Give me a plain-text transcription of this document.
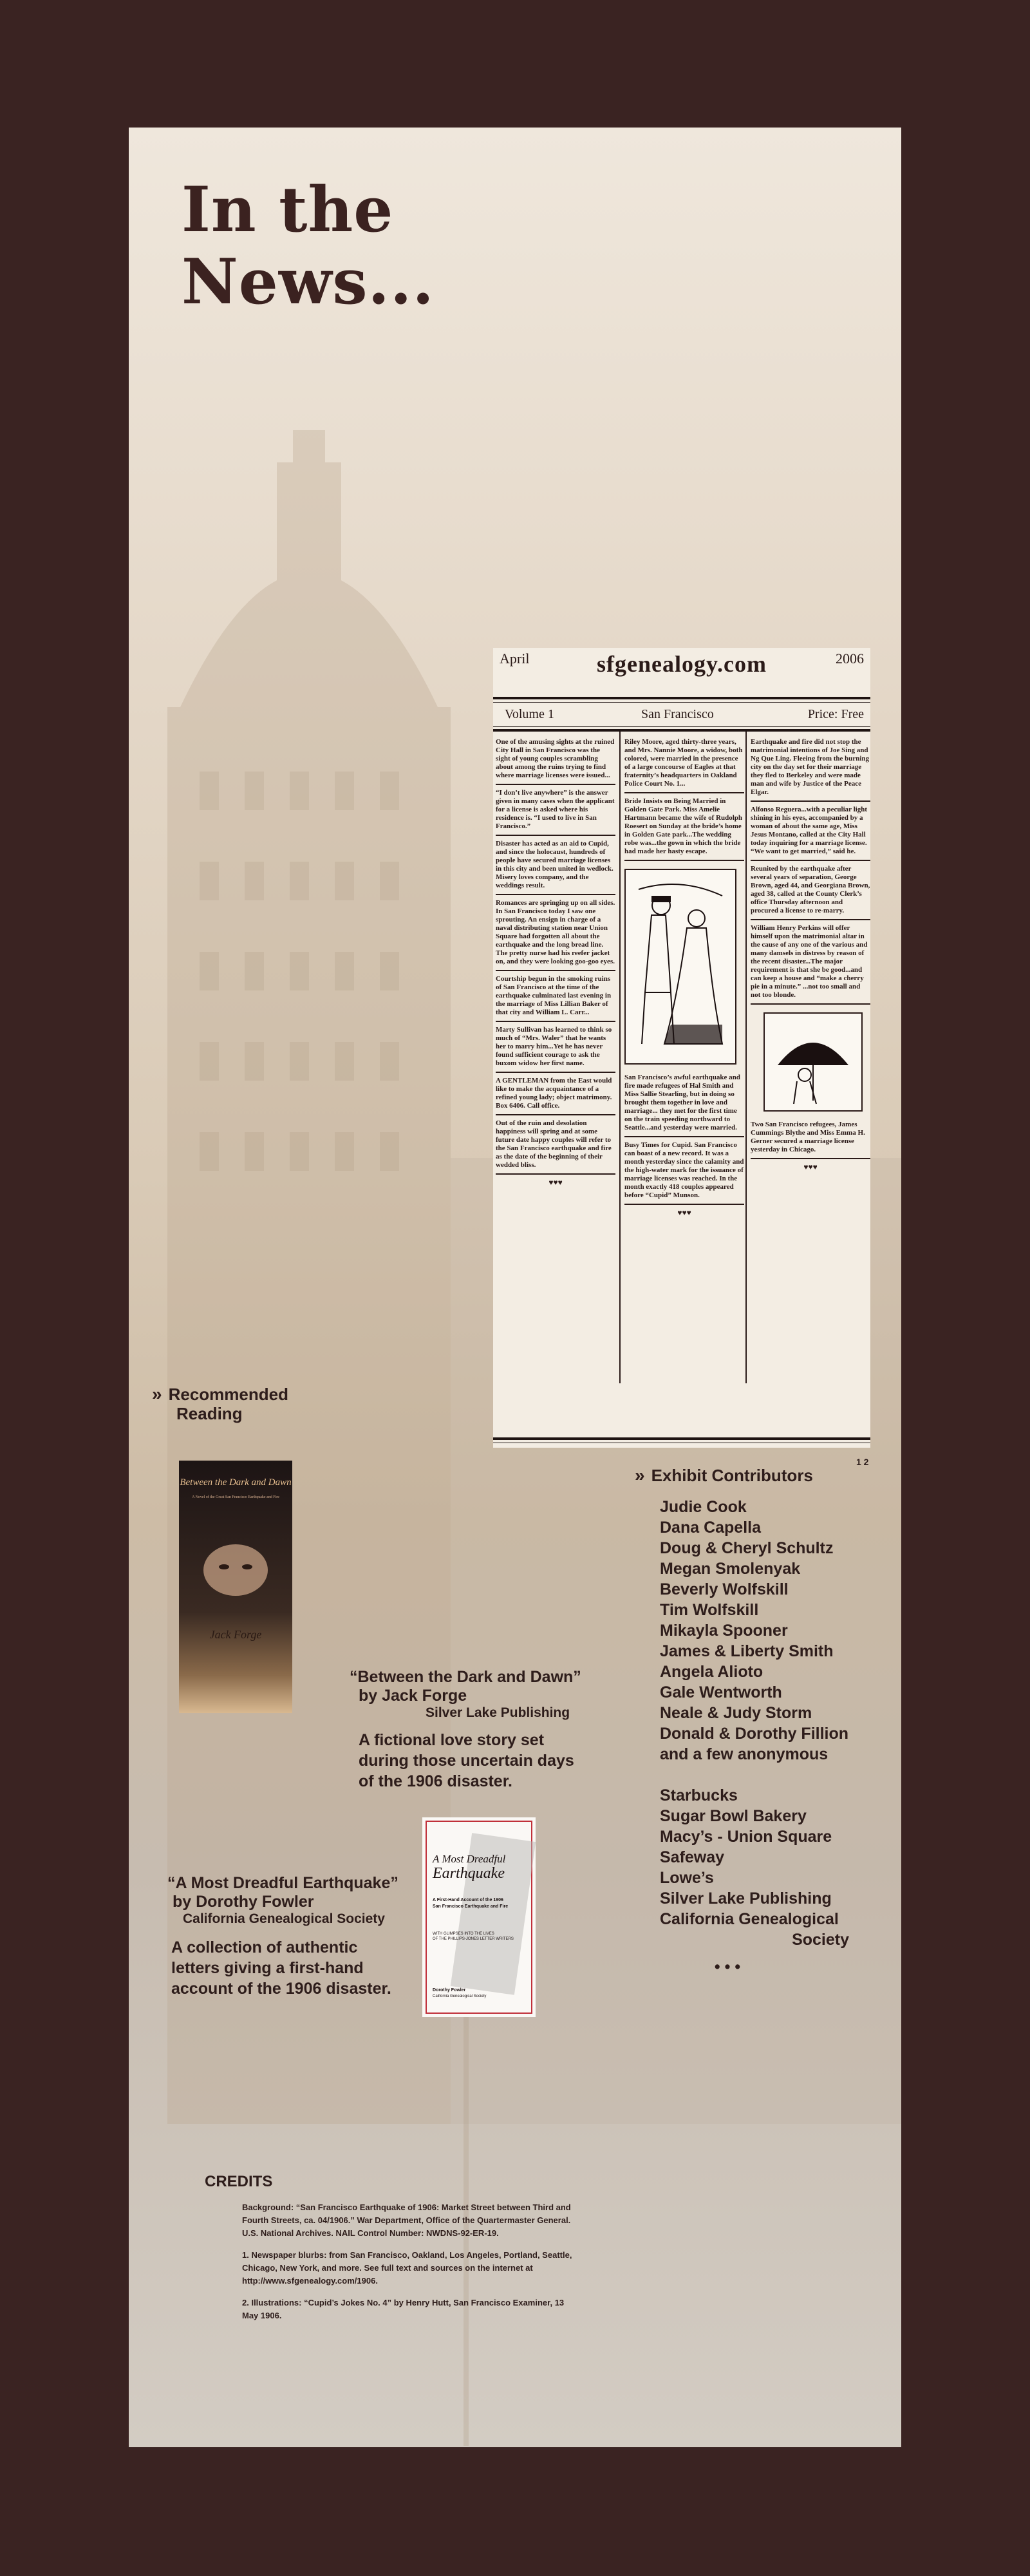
In the
News...
April	sfgenealogy.com	2006
Volume 1	San Francisco	Price: Free

One of the amusing sights at the ruined City Hall in San Francisco was the sight of young couples scrambling about among the ruins trying to find where marriage licenses were issued...

“I don’t live anywhere” is the answer given in many cases when the applicant for a license is asked where his residence is. “I used to live in San Francisco.”

Disaster has acted as an aid to Cupid, and since the holocaust, hundreds of people have secured marriage licenses in this city and been united in wedlock. Misery loves company, and the weddings result.

Romances are springing up on all sides. In San Francisco today I saw one sprouting. An ensign in charge of a naval distributing station near Union Square had forgotten all about the earthquake and the long bread line. The pretty nurse had his reefer jacket on, and they were looking goo-goo eyes.

Courtship begun in the smoking ruins of San Francisco at the time of the earthquake culminated last evening in the marriage of Miss Lillian Baker of that city and William L. Carr...

Marty Sullivan has learned to think so much of “Mrs. Waler” that he wants her to marry him...Yet he has never found sufficient courage to ask the buxom widow her first name.

A GENTLEMAN from the East would like to make the acquaintance of a refined young lady; object matrimony. Box 6406. Call office.

Out of the ruin and desolation happiness will spring and at some future date happy couples will refer to the San Francisco earthquake and fire as the date of the beginning of their wedded bliss.

♥♥♥

Riley Moore, aged thirty-three years, and Mrs. Nannie Moore, a widow, both colored, were married in the presence of a large concourse of Eagles at that fraternity’s headquarters in Oakland Police Court No. 1...

Bride Insists on Being Married in Golden Gate Park. Miss Amelie Hartmann became the wife of Rudolph Roesert on Sunday at the bride’s home in Golden Gate park...The wedding robe was...the gown in which the bride had made her hasty escape.

San Francisco’s awful earthquake and fire made refugees of Hal Smith and Miss Sallie Stearling, but in doing so brought them together in love and marriage... they met for the first time on the train speeding northward to Seattle...and yesterday were married.

Busy Times for Cupid. San Francisco can boast of a new record. It was a month yesterday since the calamity and the high-water mark for the issuance of marriage licenses was reached. In the month exactly 418 couples appeared before “Cupid” Munson.

♥♥♥

Earthquake and fire did not stop the matrimonial intentions of Joe Sing and Ng Que Ling. Fleeing from the burning city on the day set for their marriage they fled to Berkeley and were made man and wife by Justice of the Peace Elgar.

Alfonso Reguera...with a peculiar light shining in his eyes, accompanied by a woman of about the same age, Miss Jesus Montano, called at the City Hall today inquiring for a marriage license. “We want to get married,” said he.

Reunited by the earthquake after several years of separation, George Brown, aged 44, and Georgiana Brown, aged 38, called at the County Clerk’s office Thursday afternoon and procured a license to re-marry.

William Henry Perkins will offer himself upon the matrimonial altar in the cause of any one of the various and many damsels in distress by reason of the recent disaster...The major requirement is that she be good...and can keep a house and “make a cherry pie in a minute.” ...not too small and not too blonde.

Two San Francisco refugees, James Cummings Blythe and Miss Emma H. Gerner secured a marriage license yesterday in Chicago.

♥♥♥

1 2
» Recommended
Reading
Between the Dark and Dawn
A Novel of the Great San Francisco Earthquake and Fire
Jack Forge
“Between the Dark and Dawn”
by Jack Forge
Silver Lake Publishing
A fictional love story set
during those uncertain days
of the 1906 disaster.
A Most Dreadful
Earthquake
A First-Hand Account of the 1906
San Francisco Earthquake and Fire
WITH GLIMPSES INTO THE LIVES
OF THE PHILLIPS-JONES LETTER WRITERS
Dorothy Fowler
California Genealogical Society
“A Most Dreadful Earthquake”
by Dorothy Fowler
California Genealogical Society
A collection of authentic
letters giving a first-hand
account of the 1906 disaster.
» Exhibit Contributors
Judie Cook
Dana Capella
Doug & Cheryl Schultz
Megan Smolenyak
Beverly Wolfskill
Tim Wolfskill
Mikayla Spooner
James & Liberty Smith
Angela Alioto
Gale Wentworth
Neale & Judy Storm
Donald & Dorothy Fillion
and a few anonymous
Starbucks
Sugar Bowl Bakery
Macy’s - Union Square
Safeway
Lowe’s
Silver Lake Publishing
California Genealogical
Society
• • •
CREDITS

Background: “San Francisco Earthquake of 1906: Market Street between Third and Fourth Streets, ca. 04/1906.” War Department, Office of the Quartermaster General. U.S. National Archives. NAIL Control Number: NWDNS-92-ER-19.

1. Newspaper blurbs: from San Francisco, Oakland, Los Angeles, Portland, Seattle, Chicago, New York, and more. See full text and sources on the internet at http://www.sfgenealogy.com/1906.

2. Illustrations: “Cupid’s Jokes No. 4” by Henry Hutt, San Francisco Examiner, 13 May 1906.
